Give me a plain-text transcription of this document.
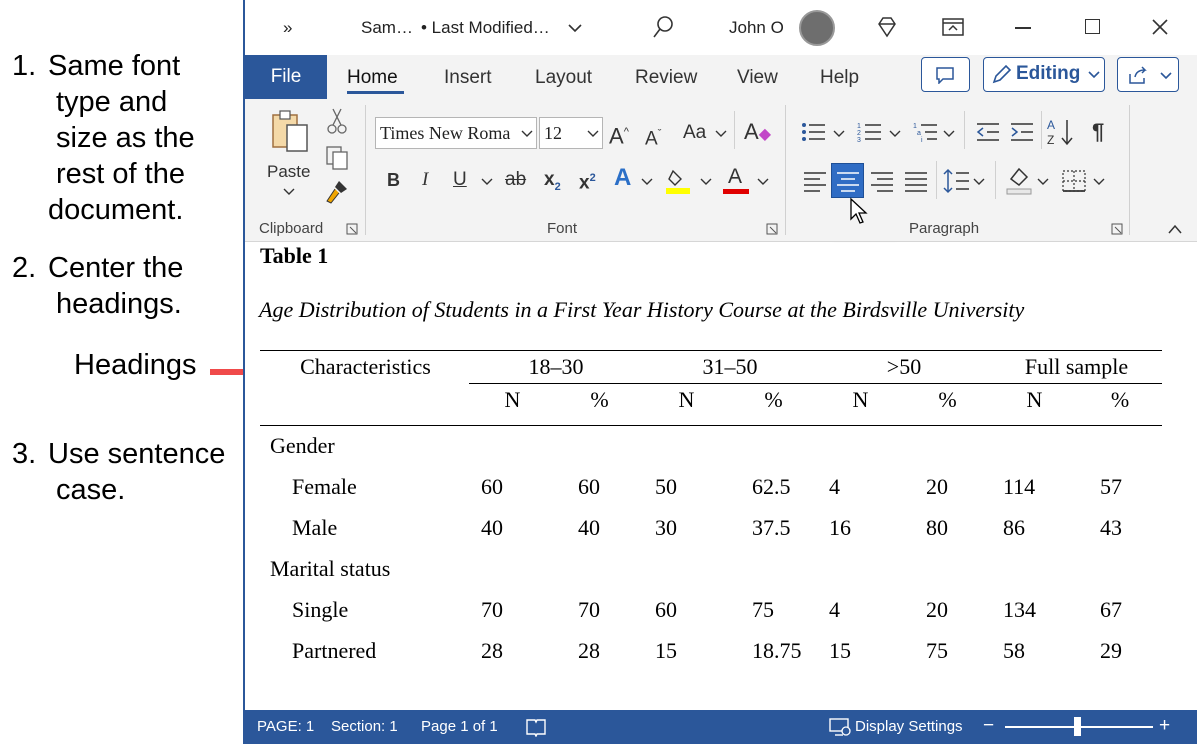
1. Same font
type and
size as the
rest of the
document.
2. Center the
headings.
3. Use sentence
case.
Headings
»	Sam… • Last Modified…	John O
File	Home Insert Layout Review View Help	Editing
Paste
Clipboard
Times New Roma	12	A^ $A^ˇ$ Aa A◆
B I U ab $x_2$ $x^2$ A	A
Font
1
2
3
1
a
i
A
Z ¶
Paragraph
Table 1
Age Distribution of Students in a First Year History Course at the Birdsville University
Characteristics	18–30		31–50		>50		Full sample	
	N	%	N	%	N	%	N	%
Gender								
Female	60	60	50	62.5	4	20	114	57
Male	40	40	30	37.5	16	80	86	43
Marital status								
Single	70	70	60	75	4	20	134	67
Partnered	28	28	15	18.75	15	75	58	29
PAGE: 1 Section: 1 Page 1 of 1	Display Settings −	+
